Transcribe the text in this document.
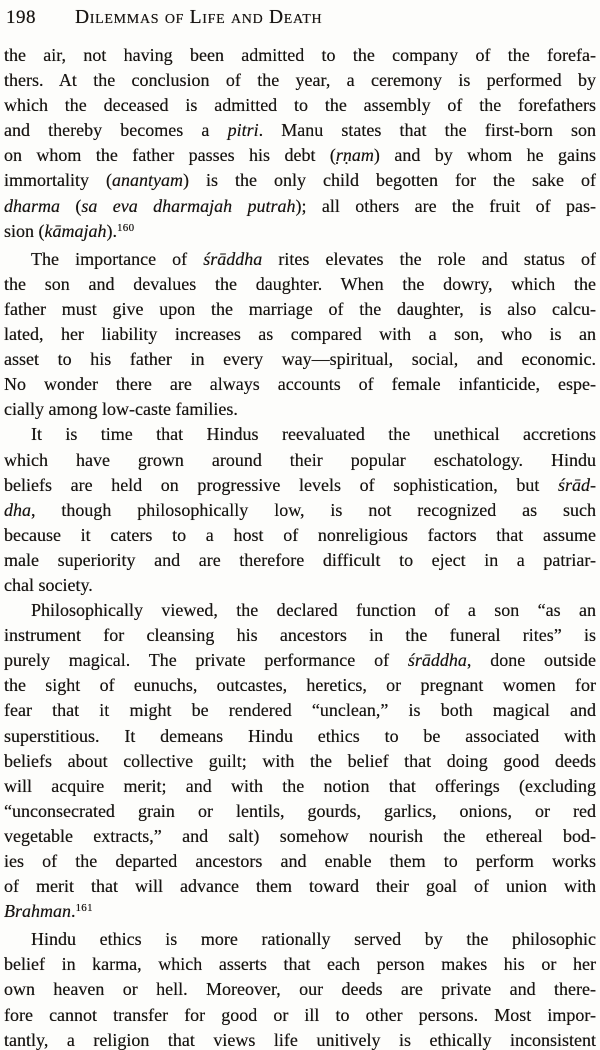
198	Dilemmas of Life and Death
the air, not having been admitted to the company of the forefa-
thers. At the conclusion of the year, a ceremony is performed by
which the deceased is admitted to the assembly of the forefathers
and thereby becomes a pitri. Manu states that the first-born son
on whom the father passes his debt (ṛṇam) and by whom he gains
immortality (anantyam) is the only child begotten for the sake of
dharma (sa eva dharmajah putrah); all others are the fruit of pas-
sion (kāmajah).$^{160}$
The importance of śrāddha rites elevates the role and status of
the son and devalues the daughter. When the dowry, which the
father must give upon the marriage of the daughter, is also calcu-
lated, her liability increases as compared with a son, who is an
asset to his father in every way—spiritual, social, and economic.
No wonder there are always accounts of female infanticide, espe-
cially among low-caste families.
It is time that Hindus reevaluated the unethical accretions
which have grown around their popular eschatology. Hindu
beliefs are held on progressive levels of sophistication, but śrād-
dha, though philosophically low, is not recognized as such
because it caters to a host of nonreligious factors that assume
male superiority and are therefore difficult to eject in a patriar-
chal society.
Philosophically viewed, the declared function of a son “as an
instrument for cleansing his ancestors in the funeral rites” is
purely magical. The private performance of śrāddha, done outside
the sight of eunuchs, outcastes, heretics, or pregnant women for
fear that it might be rendered “unclean,” is both magical and
superstitious. It demeans Hindu ethics to be associated with
beliefs about collective guilt; with the belief that doing good deeds
will acquire merit; and with the notion that offerings (excluding
“unconsecrated grain or lentils, gourds, garlics, onions, or red
vegetable extracts,” and salt) somehow nourish the ethereal bod-
ies of the departed ancestors and enable them to perform works
of merit that will advance them toward their goal of union with
Brahman.$^{161}$
Hindu ethics is more rationally served by the philosophic
belief in karma, which asserts that each person makes his or her
own heaven or hell. Moreover, our deeds are private and there-
fore cannot transfer for good or ill to other persons. Most impor-
tantly, a religion that views life unitively is ethically inconsistent
